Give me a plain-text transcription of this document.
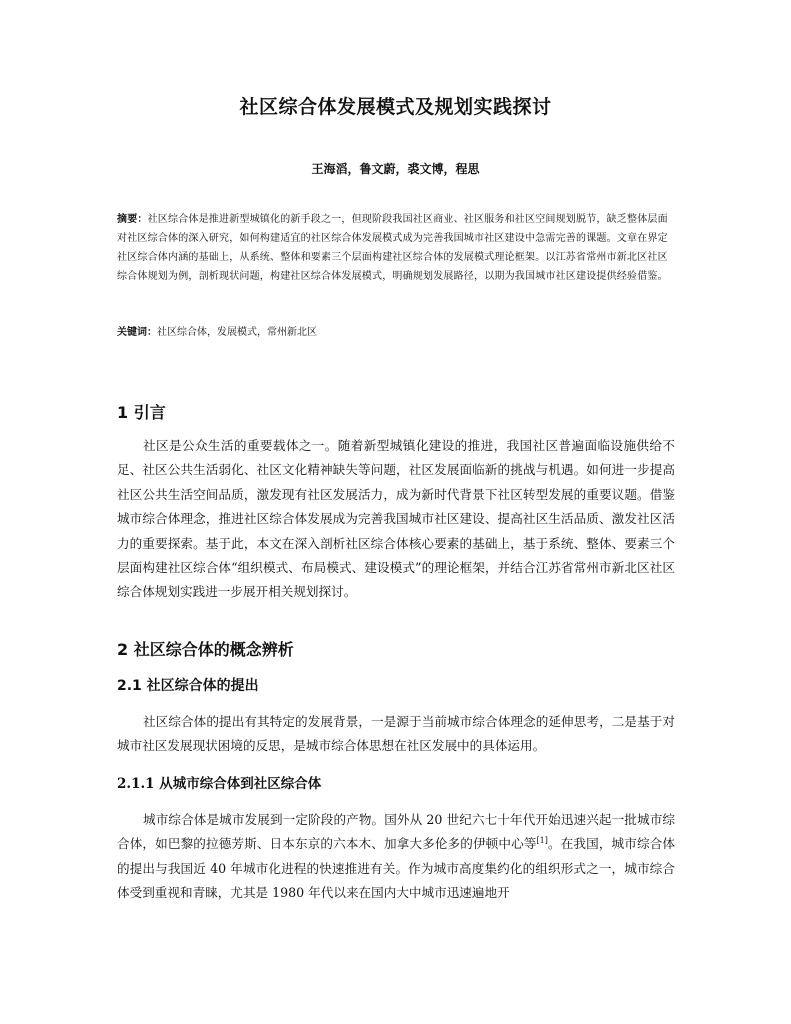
社区综合体发展模式及规划实践探讨

王海滔，鲁文蔚，裘文博，程思

摘要：社区综合体是推进新型城镇化的新手段之一，但现阶段我国社区商业、社区服务和社区空间规划脱节，缺乏整体层面对社区综合体的深入研究，如何构建适宜的社区综合体发展模式成为完善我国城市社区建设中急需完善的课题。文章在界定社区综合体内涵的基础上，从系统、整体和要素三个层面构建社区综合体的发展模式理论框架。以江苏省常州市新北区社区综合体规划为例，剖析现状问题，构建社区综合体发展模式，明确规划发展路径，以期为我国城市社区建设提供经验借鉴。

关键词：社区综合体，发展模式，常州新北区

1 引言

社区是公众生活的重要载体之一。随着新型城镇化建设的推进，我国社区普遍面临设施供给不足、社区公共生活弱化、社区文化精神缺失等问题，社区发展面临新的挑战与机遇。如何进一步提高社区公共生活空间品质，激发现有社区发展活力，成为新时代背景下社区转型发展的重要议题。借鉴城市综合体理念，推进社区综合体发展成为完善我国城市社区建设、提高社区生活品质、激发社区活力的重要探索。基于此，本文在深入剖析社区综合体核心要素的基础上，基于系统、整体、要素三个层面构建社区综合体“组织模式、布局模式、建设模式”的理论框架，并结合江苏省常州市新北区社区综合体规划实践进一步展开相关规划探讨。

2 社区综合体的概念辨析
2.1 社区综合体的提出

社区综合体的提出有其特定的发展背景，一是源于当前城市综合体理念的延伸思考，二是基于对城市社区发展现状困境的反思，是城市综合体思想在社区发展中的具体运用。

2.1.1 从城市综合体到社区综合体

城市综合体是城市发展到一定阶段的产物。国外从 20 世纪六七十年代开始迅速兴起一批城市综合体，如巴黎的拉德芳斯、日本东京的六本木、加拿大多伦多的伊顿中心等[1]。在我国，城市综合体的提出与我国近 40 年城市化进程的快速推进有关。作为城市高度集约化的组织形式之一，城市综合体受到重视和青睐，尤其是 1980 年代以来在国内大中城市迅速遍地开
